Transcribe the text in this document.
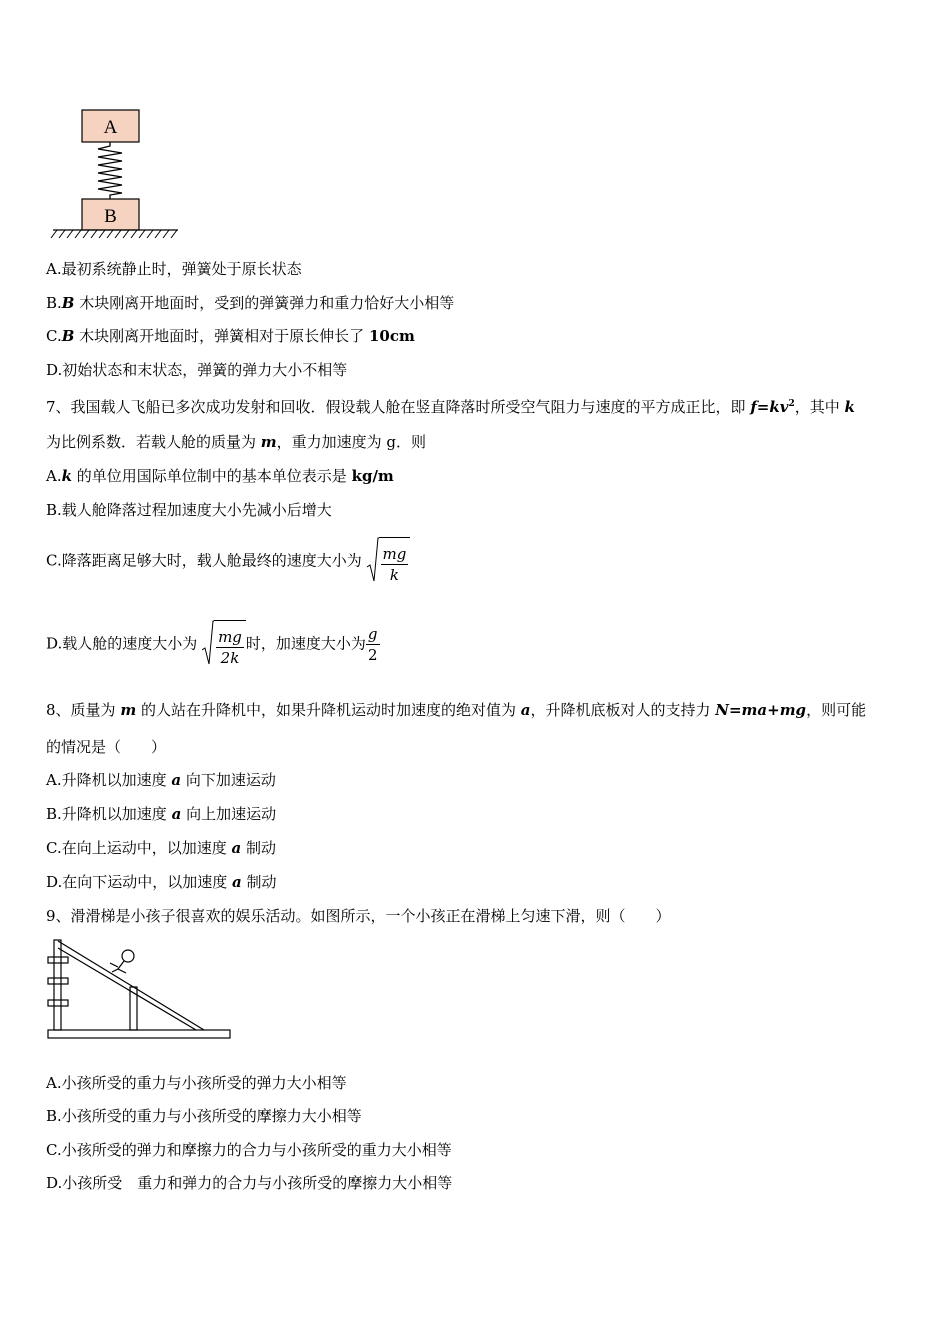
A
B
A.最初系统静止时，弹簧处于原长状态
B.B 木块刚离开地面时，受到的弹簧弹力和重力恰好大小相等
C.B 木块刚离开地面时，弹簧相对于原长伸长了 10cm
D.初始状态和末状态，弹簧的弹力大小不相等
7、我国载人飞船已多次成功发射和回收．假设载人舱在竖直降落时所受空气阻力与速度的平方成正比，即 $f=kv^2$，其中 k
为比例系数．若载人舱的质量为 m，重力加速度为 g．则
A.k 的单位用国际单位制中的基本单位表示是 kg/m
B.载人舱降落过程加速度大小先减小后增大
C.降落距离足够大时，载人舱最终的速度大小为 $\frac{mg}{k}$
D.载人舱的速度大小为 $\frac{mg}{2k}$ 时，加速度大小为 $\frac{g}{2}$
8、质量为 m 的人站在升降机中，如果升降机运动时加速度的绝对值为 a，升降机底板对人的支持力 N=ma+mg，则可能
的情况是（　　）
A.升降机以加速度 a 向下加速运动
B.升降机以加速度 a 向上加速运动
C.在向上运动中，以加速度 a 制动
D.在向下运动中，以加速度 a 制动
9、滑滑梯是小孩子很喜欢的娱乐活动。如图所示，一个小孩正在滑梯上匀速下滑，则（　　）
A.小孩所受的重力与小孩所受的弹力大小相等
B.小孩所受的重力与小孩所受的摩擦力大小相等
C.小孩所受的弹力和摩擦力的合力与小孩所受的重力大小相等
D.小孩所受　重力和弹力的合力与小孩所受的摩擦力大小相等
